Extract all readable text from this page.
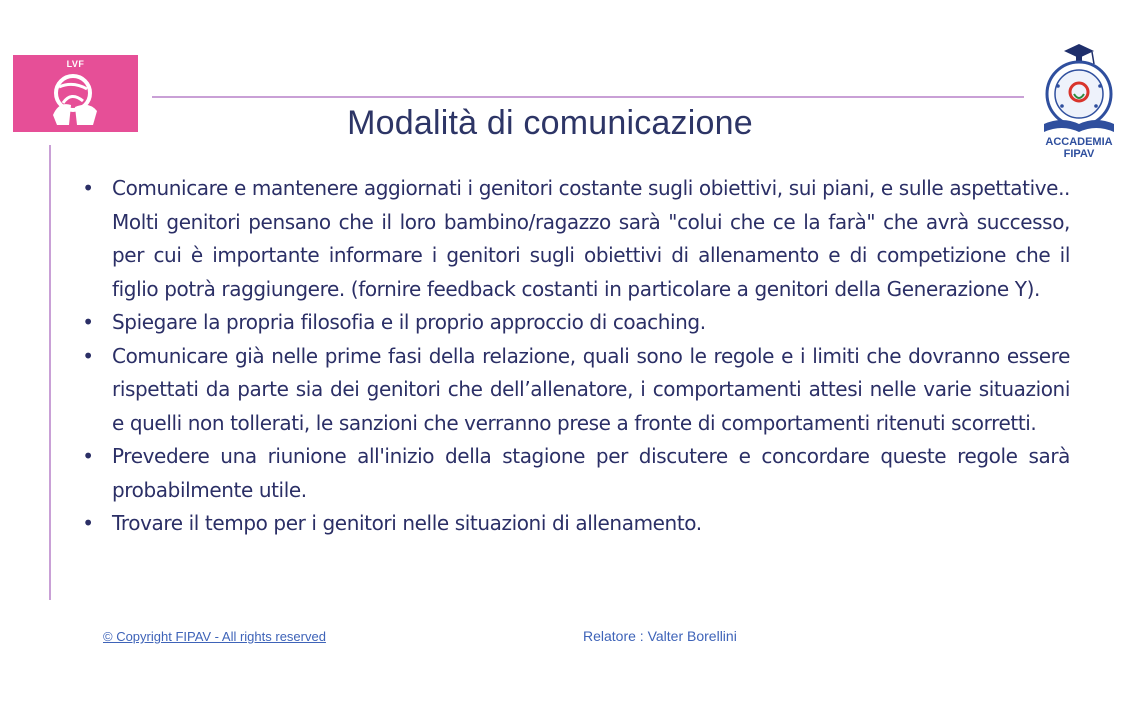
LVF
Modalità di comunicazione	ACCADEMIA
FIPAV
• Comunicare e mantenere aggiornati i genitori costante sugli obiettivi, sui piani, e sulle aspettative.. Molti genitori pensano che il loro bambino/ragazzo sarà "colui che ce la farà" che avrà successo, per cui è importante informare i genitori sugli obiettivi di allenamento e di competizione che il figlio potrà raggiungere. (fornire feedback costanti in particolare a genitori della Generazione Y).
• Spiegare la propria filosofia e il proprio approccio di coaching.
• Comunicare già nelle prime fasi della relazione, quali sono le regole e i limiti che dovranno essere rispettati da parte sia dei genitori che dell’allenatore, i comportamenti attesi nelle varie situazioni e quelli non tollerati, le sanzioni che verranno prese a fronte di comportamenti ritenuti scorretti.
• Prevedere una riunione all'inizio della stagione per discutere e concordare queste regole sarà probabilmente utile.
• Trovare il tempo per i genitori nelle situazioni di allenamento.
© Copyright FIPAV - All rights reserved	Relatore : Valter Borellini
